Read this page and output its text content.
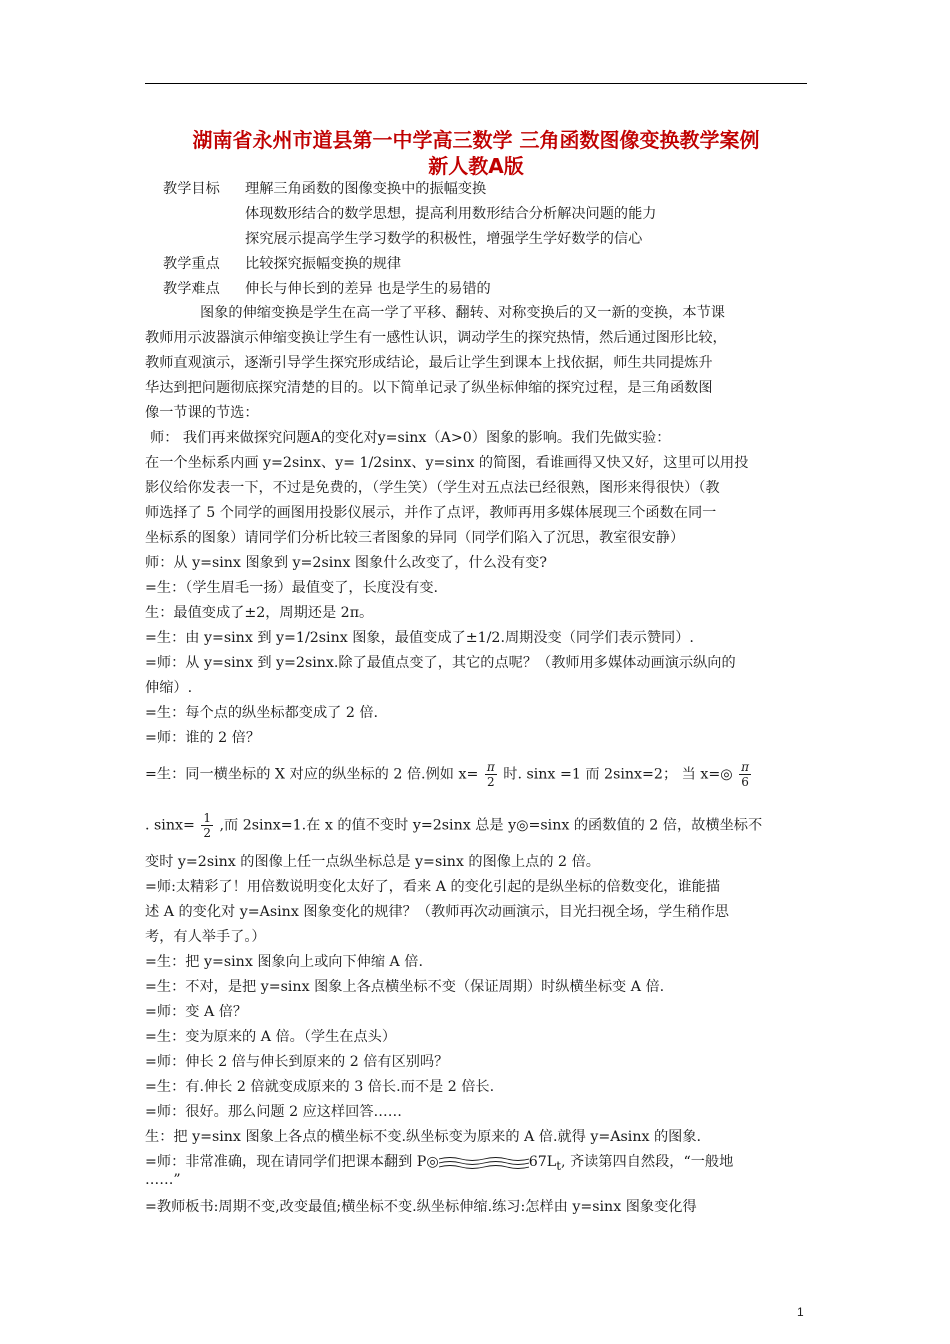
湖南省永州市道县第一中学高三数学 三角函数图像变换教学案例
新人教A版
教学目标 理解三角函数的图像变换中的振幅变换
体现数形结合的数学思想，提高利用数形结合分析解决问题的能力
探究展示提高学生学习数学的积极性，增强学生学好数学的信心
教学重点 比较探究振幅变换的规律
教学难点 伸长与伸长到的差异 也是学生的易错的
图象的伸缩变换是学生在高一学了平移、翻转、对称变换后的又一新的变换，本节课
教师用示波器演示伸缩变换让学生有一感性认识，调动学生的探究热情，然后通过图形比较，
教师直观演示，逐渐引导学生探究形成结论，最后让学生到课本上找依据，师生共同提炼升
华达到把问题彻底探究清楚的目的。以下简单记录了纵坐标伸缩的探究过程，是三角函数图
像一节课的节选：
师： 我们再来做探究问题A的变化对y=sinx（A>0）图象的影响。我们先做实验：
在一个坐标系内画 y=2sinx、y= 1/2sinx、y=sinx 的简图，看谁画得又快又好，这里可以用投
影仪给你发表一下，不过是免费的，（学生笑）（学生对五点法已经很熟，图形来得很快）（教
师选择了 5 个同学的画图用投影仪展示，并作了点评，教师再用多媒体展现三个函数在同一
坐标系的图象）请同学们分析比较三者图象的异同（同学们陷入了沉思，教室很安静）
师：从 y=sinx 图象到 y=2sinx 图象什么改变了，什么没有变?
=生：（学生眉毛一扬）最值变了，长度没有变.
生：最值变成了±2，周期还是 2π。
=生：由 y=sinx 到 y=1/2sinx 图象，最值变成了±1/2.周期没变（同学们表示赞同）.
=师：从 y=sinx 到 y=2sinx.除了最值点变了，其它的点呢？（教师用多媒体动画演示纵向的
伸缩）.
=生：每个点的纵坐标都变成了 2 倍.
=师：谁的 2 倍？
=生：同一横坐标的 X 对应的纵坐标的 2 倍.例如 $x= \frac{\pi}{2}$ 时. sinx =1 而 2sinx=2； 当 x=◎ $\frac{\pi}{6}$
. $\sin x= \frac{1}{2}$ ,而 2sinx=1.在 x 的值不变时 y=2sinx 总是 y◎=sinx 的函数值的 2 倍，故横坐标不
变时 y=2sinx 的图像上任一点纵坐标总是 y=sinx 的图像上点的 2 倍。
=师:太精彩了！用倍数说明变化太好了，看来 A 的变化引起的是纵坐标的倍数变化，谁能描
述 A 的变化对 y=Asinx 图象变化的规律？（教师再次动画演示，目光扫视全场，学生稍作思
考，有人举手了。）
=生：把 y=sinx 图象向上或向下伸缩 A 倍.
=生：不对，是把 y=sinx 图象上各点横坐标不变（保证周期）时纵横坐标变 A 倍.
=师：变 A 倍？
=生：变为原来的 A 倍。（学生在点头）
=师：伸长 2 倍与伸长到原来的 2 倍有区别吗？
=生：有.伸长 2 倍就变成原来的 3 倍长.而不是 2 倍长.
=师：很好。那么问题 2 应这样回答……
生：把 y=sinx 图象上各点的横坐标不变.纵坐标变为原来的 A 倍.就得 y=Asinx 的图象.
=师：非常准确，现在请同学们把课本翻到 P◎	$67L_t$, 齐读第四自然段，“一般地
……”
=教师板书:周期不变,改变最值;横坐标不变.纵坐标伸缩.练习:怎样由 y=sinx 图象变化得
1
